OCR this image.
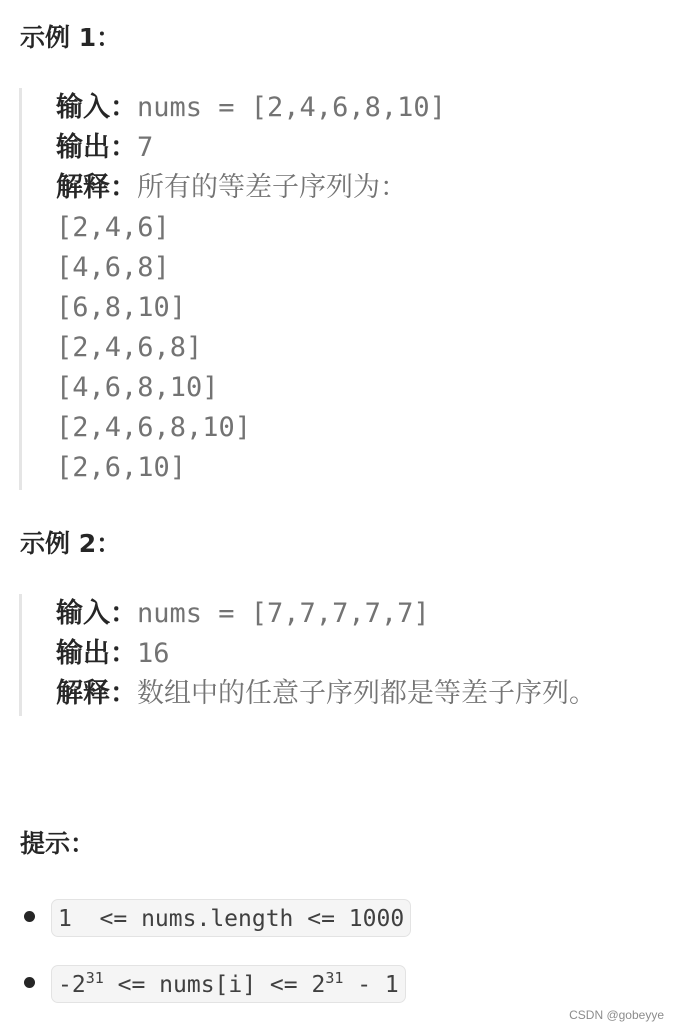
示例 1：
输入：nums = [2,4,6,8,10]
输出：7
解释：所有的等差子序列为：
[2,4,6]
[4,6,8]
[6,8,10]
[2,4,6,8]
[4,6,8,10]
[2,4,6,8,10]
[2,6,10]
示例 2：
输入：nums = [7,7,7,7,7]
输出：16
解释：数组中的任意子序列都是等差子序列。
提示：
1  <= nums.length <= 1000
$-2^{31}$ <= nums[i] <= $2^{31} - 1$
CSDN @gobeyye
